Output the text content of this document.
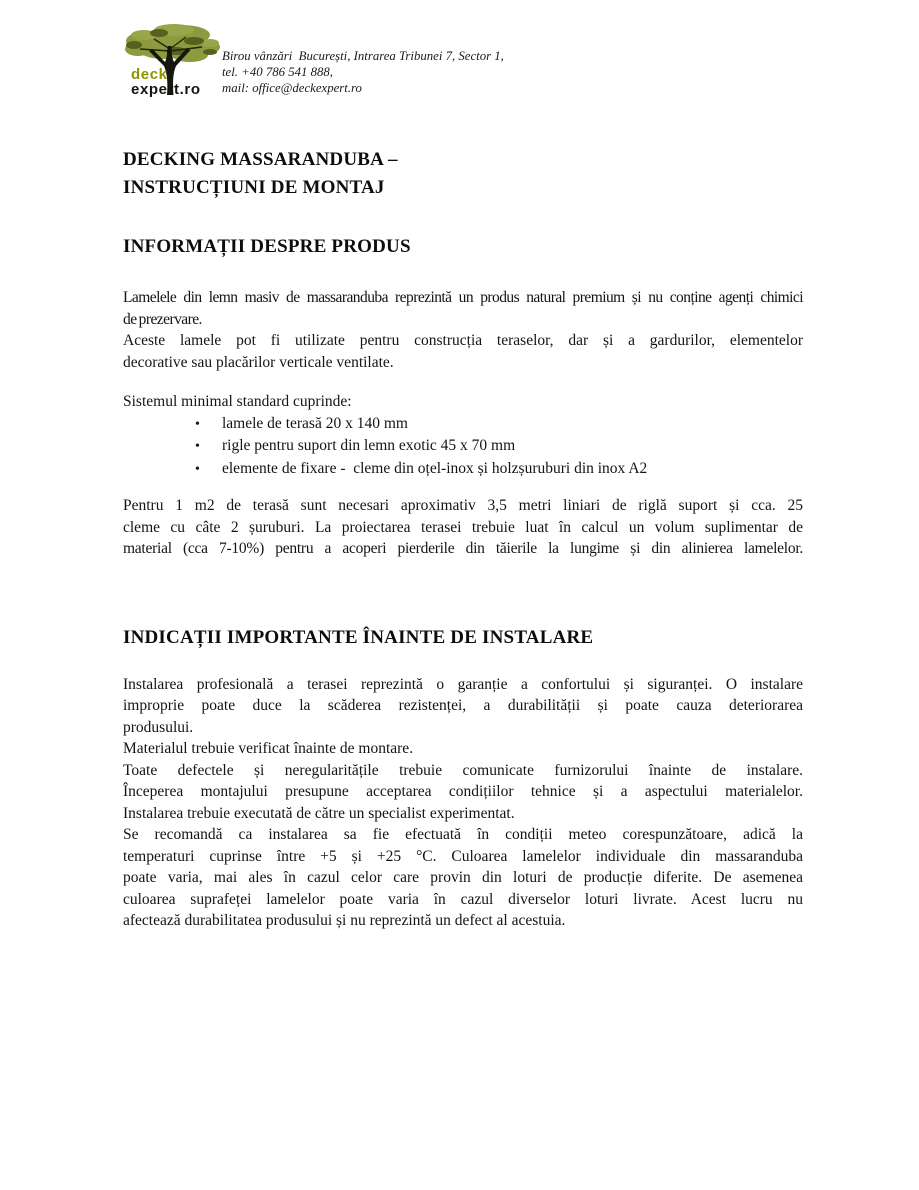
deck
expert.ro
Birou vânzări  București, Intrarea Tribunei 7, Sector 1,
tel. +40 786 541 888,
mail: office@deckexpert.ro
DECKING MASSARANDUBA –
INSTRUCȚIUNI DE MONTAJ
INFORMAȚII DESPRE PRODUS
Lamelele din lemn masiv de massaranduba reprezintă un produs natural premium și nu conține agenți chimici
de prezervare.
Aceste lamele pot fi utilizate pentru construcția teraselor, dar și a gardurilor, elementelor
decorative sau placărilor verticale ventilate.
Sistemul minimal standard cuprinde:
• lamele de terasă 20 x 140 mm
• rigle pentru suport din lemn exotic 45 x 70 mm
• elemente de fixare -  cleme din oțel-inox și holzșuruburi din inox A2
Pentru 1 m2 de terasă sunt necesari aproximativ 3,5 metri liniari de riglă suport și cca. 25
cleme cu câte 2 șuruburi. La proiectarea terasei trebuie luat în calcul un volum suplimentar de
material (cca 7-10%) pentru a acoperi pierderile din tăierile la lungime și din alinierea lamelelor.
INDICAȚII IMPORTANTE ÎNAINTE DE INSTALARE
Instalarea profesională a terasei reprezintă o garanție a confortului și siguranței. O instalare
improprie poate duce la scăderea rezistenței, a durabilității și poate cauza deteriorarea
produsului.
Materialul trebuie verificat înainte de montare.
Toate defectele și neregularitățile trebuie comunicate furnizorului înainte de instalare.
Începerea montajului presupune acceptarea condițiilor tehnice și a aspectului materialelor.
Instalarea trebuie executată de către un specialist experimentat.
Se recomandă ca instalarea sa fie efectuată în condiții meteo corespunzătoare, adică la
temperaturi cuprinse între +5 și +25 °C. Culoarea lamelelor individuale din massaranduba
poate varia, mai ales în cazul celor care provin din loturi de producție diferite. De asemenea
culoarea suprafeței lamelelor poate varia în cazul diverselor loturi livrate. Acest lucru nu
afectează durabilitatea produsului și nu reprezintă un defect al acestuia.
